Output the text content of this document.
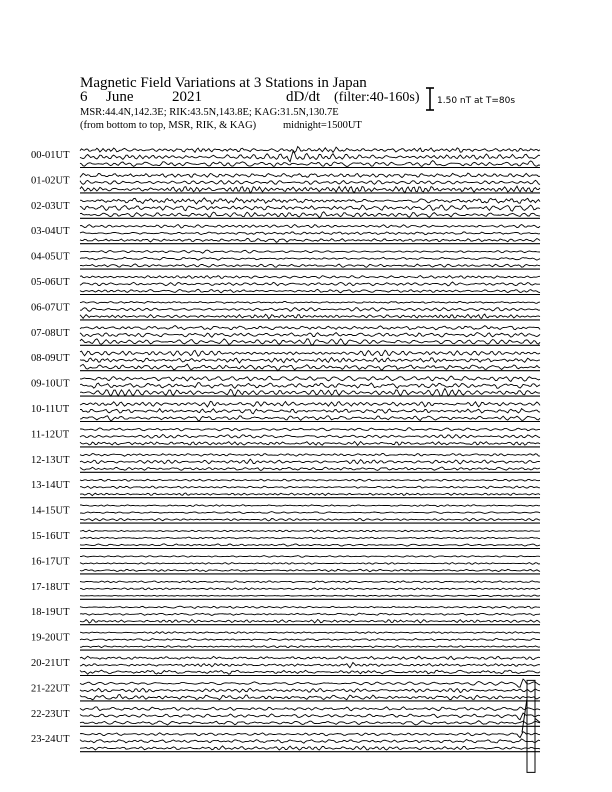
Magnetic Field Variations at 3 Stations in Japan
6 June	2021	dD/dt (filter:40-160s)
MSR:44.4N,142.3E; RIK:43.5N,143.8E; KAG:31.5N,130.7E
(from bottom to top, MSR, RIK, & KAG)	midnight=1500UT
1.50 nT at T=80s
00-01UT
01-02UT
02-03UT
03-04UT
04-05UT
05-06UT
06-07UT
07-08UT
08-09UT
09-10UT
10-11UT
11-12UT
12-13UT
13-14UT
14-15UT
15-16UT
16-17UT
17-18UT
18-19UT
19-20UT
20-21UT
21-22UT
22-23UT
23-24UT
